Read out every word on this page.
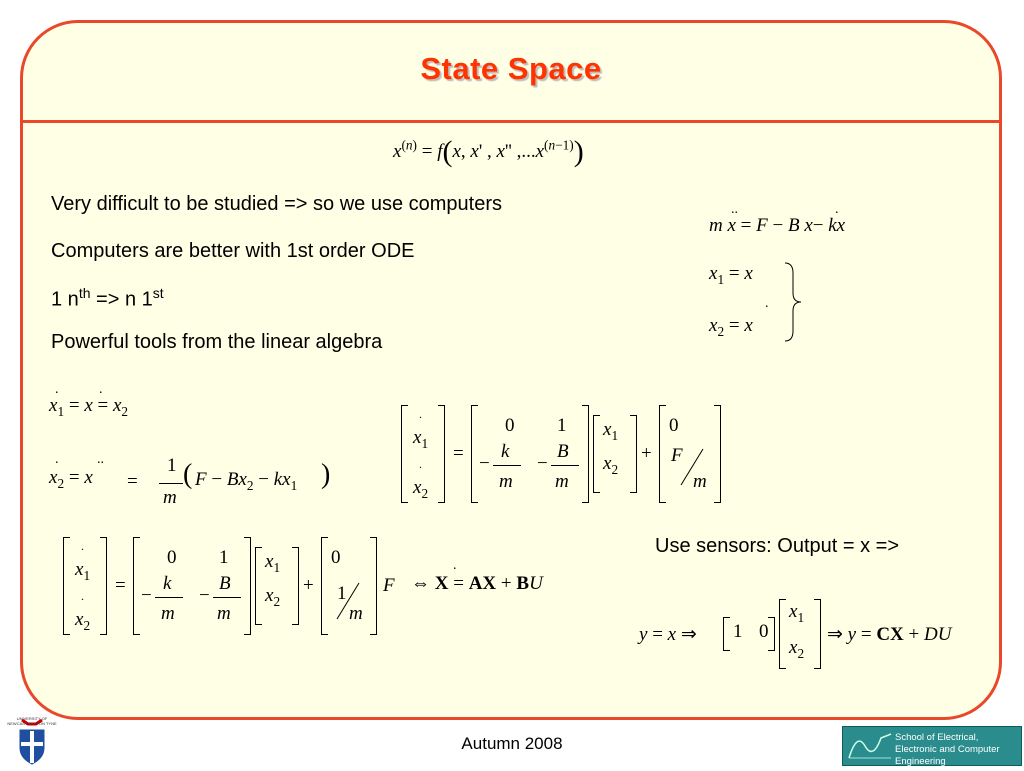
State Space
$x^{(n)} = f(x$, x' , x'' $,...x^{(n-1)}$)
Very difficult to be studied => so we use computers
Computers are better with 1st order ODE
1 $n^{th} => n$ 1st
Powerful tools from the linear algebra
..	.
m x = F − B x− kx
$x_1 = x$
.
$x_2 = x$
.	.
$x_1 = x = x_2$
.	..
$x_2 = x$ =
1
m
( $F - Bx_2 - kx_1$ )
.
$x_1$
.
$x_2$
=
0 1
−
k
m
−
B
m
$x_1$
$x_2$
+
0
F
m
.
$x_1$
.
$x_2$
=
0 1
−
k
m
−
B
m
$x_1$
$x_2$
+
0
1
m
F
.
⇔ X = AX + BU
Use sensors: Output = x =>
y = x ⇒ 1 0
$x_1$
$x_2$
⇒ y = CX + DU
UNIVERSITY OF NEWCASTLE UPON TYNE
Autumn 2008	School of Electrical, Electronic and Computer Engineering
